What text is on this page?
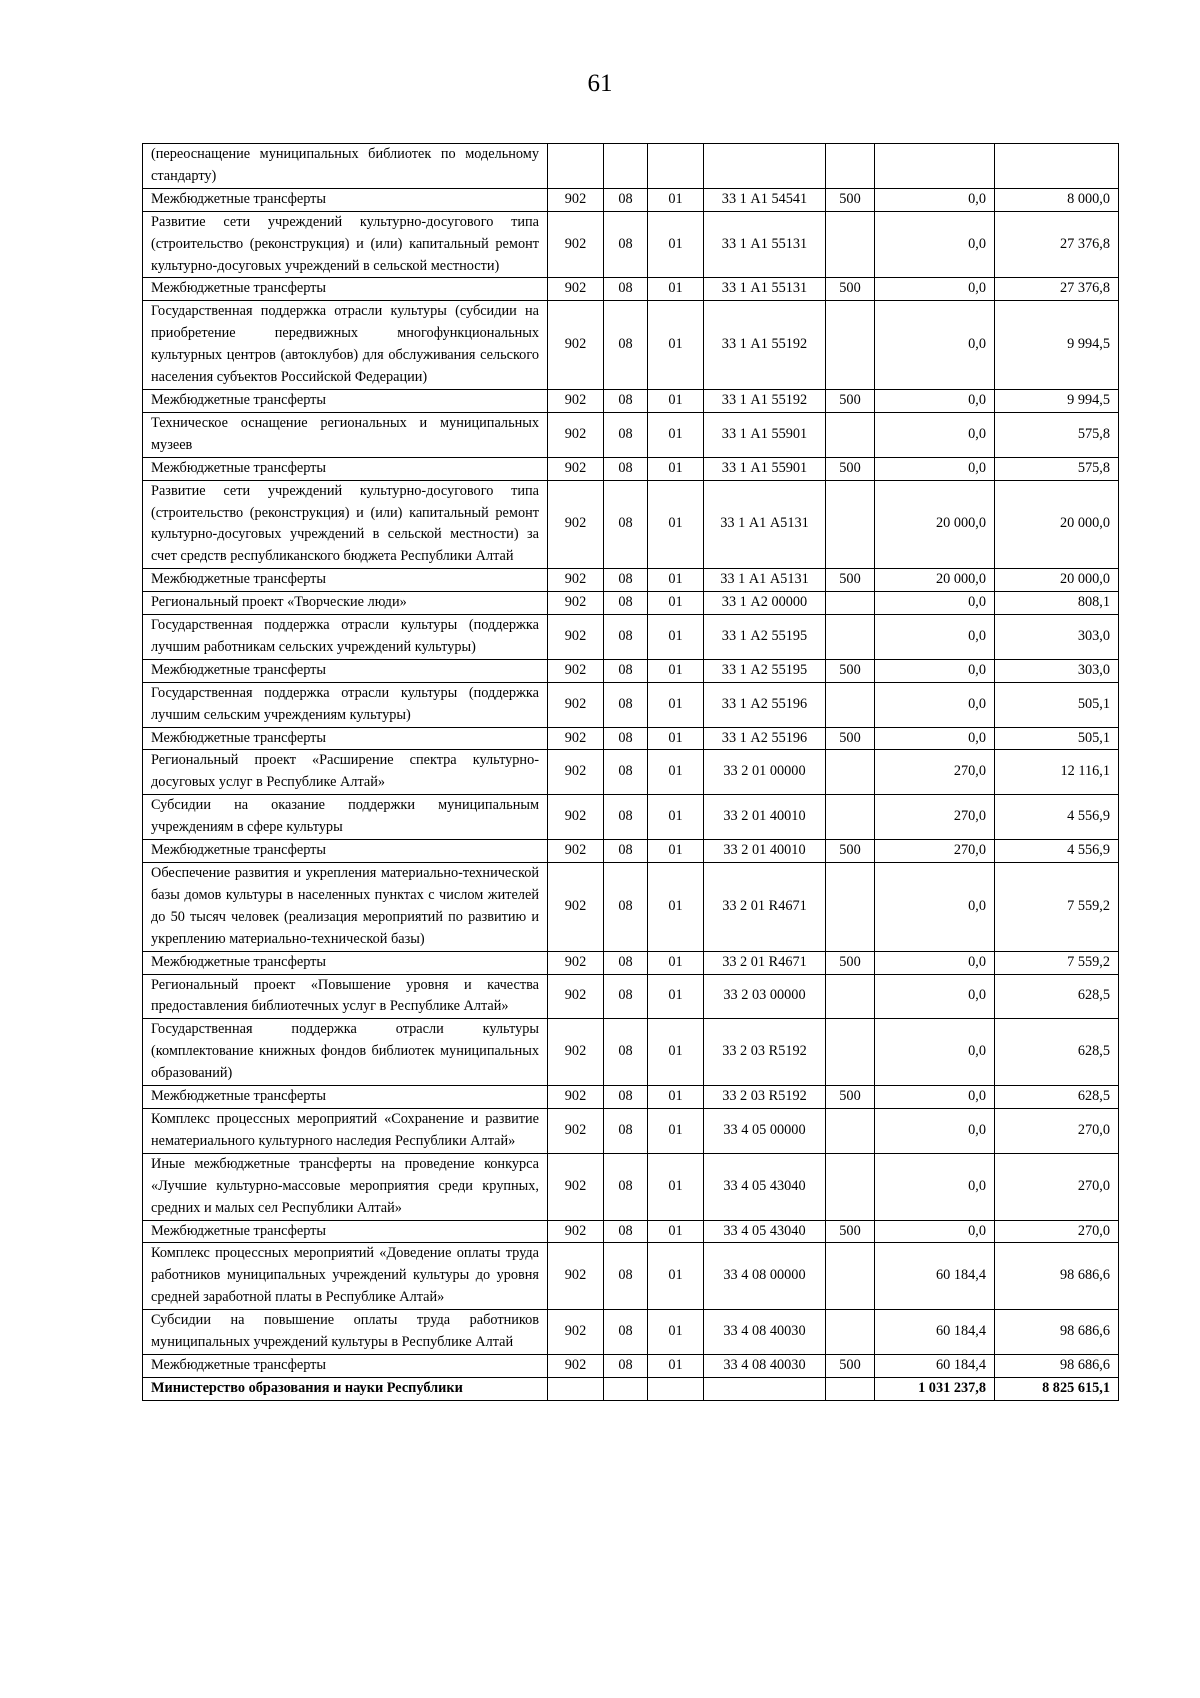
61
(переоснащение муниципальных библиотек по модельному стандарту)							
Межбюджетные трансферты	902	08	01	33 1 А1 54541	500	0,0	8 000,0
Развитие сети учреждений культурно-досугового типа (строительство (реконструкция) и (или) капитальный ремонт культурно-досуговых учреждений в сельской местности)	902	08	01	33 1 А1 55131		0,0	27 376,8
Межбюджетные трансферты	902	08	01	33 1 А1 55131	500	0,0	27 376,8
Государственная поддержка отрасли культуры (субсидии на приобретение передвижных многофункциональных культурных центров (автоклубов) для обслуживания сельского населения субъектов Российской Федерации)	902	08	01	33 1 А1 55192		0,0	9 994,5
Межбюджетные трансферты	902	08	01	33 1 А1 55192	500	0,0	9 994,5
Техническое оснащение региональных и муниципальных музеев	902	08	01	33 1 А1 55901		0,0	575,8
Межбюджетные трансферты	902	08	01	33 1 А1 55901	500	0,0	575,8
Развитие сети учреждений культурно-досугового типа (строительство (реконструкция) и (или) капитальный ремонт культурно-досуговых учреждений в сельской местности) за счет средств республиканского бюджета Республики Алтай	902	08	01	33 1 А1 А5131		20 000,0	20 000,0
Межбюджетные трансферты	902	08	01	33 1 А1 А5131	500	20 000,0	20 000,0
Региональный проект «Творческие люди»	902	08	01	33 1 А2 00000		0,0	808,1
Государственная поддержка отрасли культуры (поддержка лучшим работникам сельских учреждений культуры)	902	08	01	33 1 А2 55195		0,0	303,0
Межбюджетные трансферты	902	08	01	33 1 А2 55195	500	0,0	303,0
Государственная поддержка отрасли культуры (поддержка лучшим сельским учреждениям культуры)	902	08	01	33 1 А2 55196		0,0	505,1
Межбюджетные трансферты	902	08	01	33 1 А2 55196	500	0,0	505,1
Региональный проект «Расширение спектра культурно-досуговых услуг в Республике Алтай»	902	08	01	33 2 01 00000		270,0	12 116,1
Субсидии на оказание поддержки муниципальным учреждениям в сфере культуры	902	08	01	33 2 01 40010		270,0	4 556,9
Межбюджетные трансферты	902	08	01	33 2 01 40010	500	270,0	4 556,9
Обеспечение развития и укрепления материально-технической базы домов культуры в населенных пунктах с числом жителей до 50 тысяч человек (реализация мероприятий по развитию и укреплению материально-технической базы)	902	08	01	33 2 01 R4671		0,0	7 559,2
Межбюджетные трансферты	902	08	01	33 2 01 R4671	500	0,0	7 559,2
Региональный проект «Повышение уровня и качества предоставления библиотечных услуг в Республике Алтай»	902	08	01	33 2 03 00000		0,0	628,5
Государственная поддержка отрасли культуры (комплектование книжных фондов библиотек муниципальных образований)	902	08	01	33 2 03 R5192		0,0	628,5
Межбюджетные трансферты	902	08	01	33 2 03 R5192	500	0,0	628,5
Комплекс процессных мероприятий «Сохранение и развитие нематериального культурного наследия Республики Алтай»	902	08	01	33 4 05 00000		0,0	270,0
Иные межбюджетные трансферты на проведение конкурса «Лучшие культурно-массовые мероприятия среди крупных, средних и малых сел Республики Алтай»	902	08	01	33 4 05 43040		0,0	270,0
Межбюджетные трансферты	902	08	01	33 4 05 43040	500	0,0	270,0
Комплекс процессных мероприятий «Доведение оплаты труда работников муниципальных учреждений культуры до уровня средней заработной платы в Республике Алтай»	902	08	01	33 4 08 00000		60 184,4	98 686,6
Субсидии на повышение оплаты труда работников муниципальных учреждений культуры в Республике Алтай	902	08	01	33 4 08 40030		60 184,4	98 686,6
Межбюджетные трансферты	902	08	01	33 4 08 40030	500	60 184,4	98 686,6
Министерство образования и науки Республики						1 031 237,8	8 825 615,1
